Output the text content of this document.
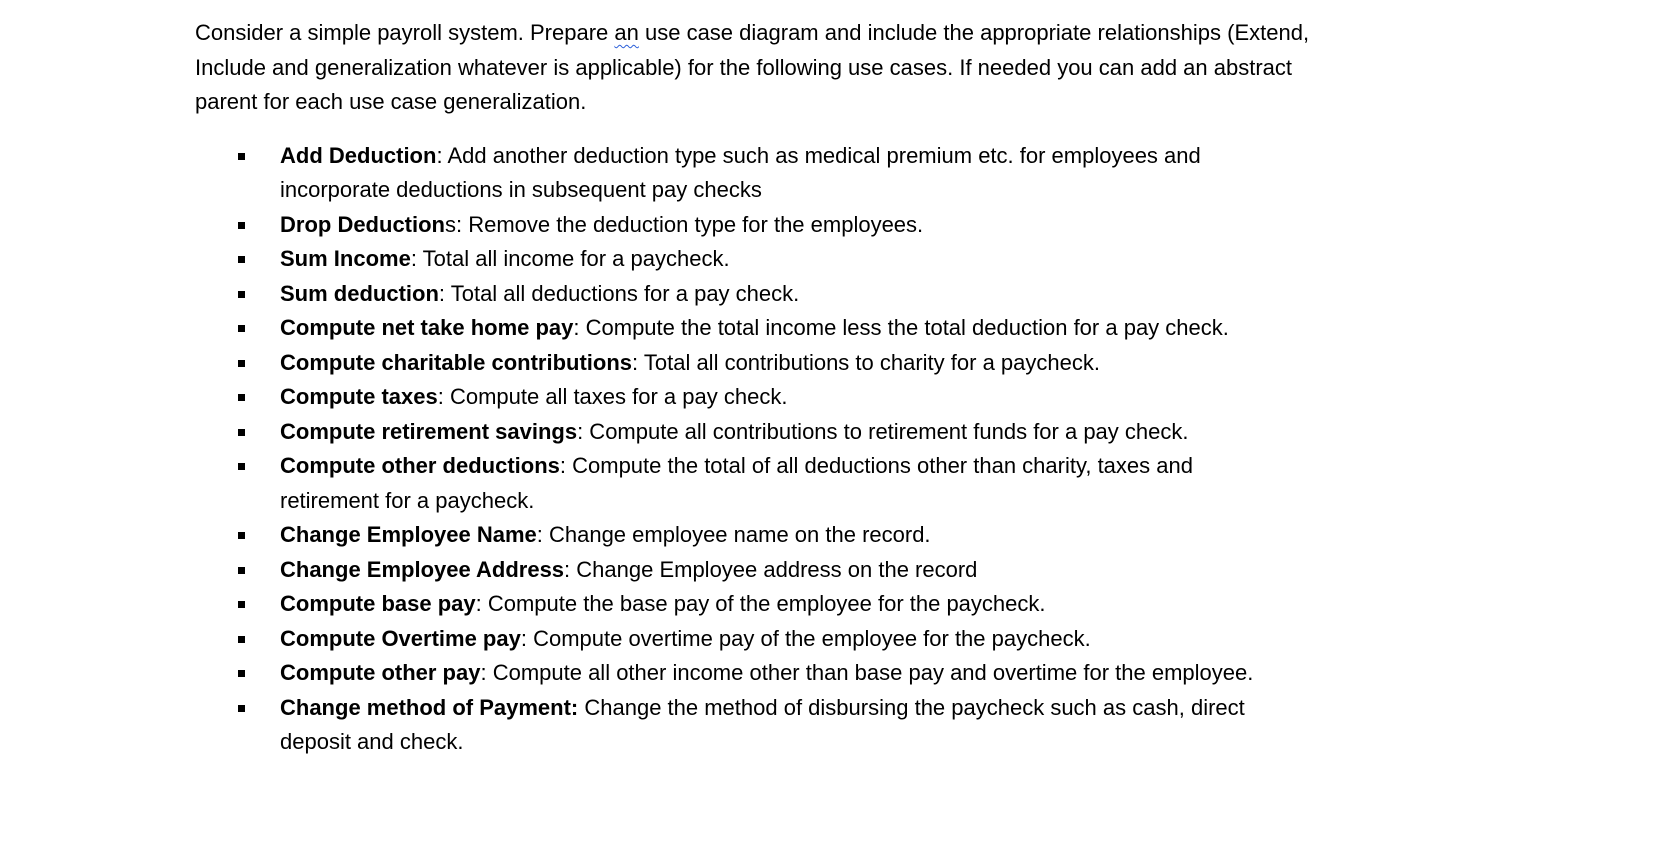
Consider a simple payroll system. Prepare an use case diagram and include the appropriate relationships (Extend, Include and generalization whatever is applicable) for the following use cases. If needed you can add an abstract parent for each use case generalization.

Add Deduction: Add another deduction type such as medical premium etc. for employees and incorporate deductions in subsequent pay checks
Drop Deductions: Remove the deduction type for the employees.
Sum Income: Total all income for a paycheck.
Sum deduction: Total all deductions for a pay check.
Compute net take home pay: Compute the total income less the total deduction for a pay check.
Compute charitable contributions: Total all contributions to charity for a paycheck.
Compute taxes: Compute all taxes for a pay check.
Compute retirement savings: Compute all contributions to retirement funds for a pay check.
Compute other deductions: Compute the total of all deductions other than charity, taxes and retirement for a paycheck.
Change Employee Name: Change employee name on the record.
Change Employee Address: Change Employee address on the record
Compute base pay: Compute the base pay of the employee for the paycheck.
Compute Overtime pay: Compute overtime pay of the employee for the paycheck.
Compute other pay: Compute all other income other than base pay and overtime for the employee.
Change method of Payment: Change the method of disbursing the paycheck such as cash, direct deposit and check.
